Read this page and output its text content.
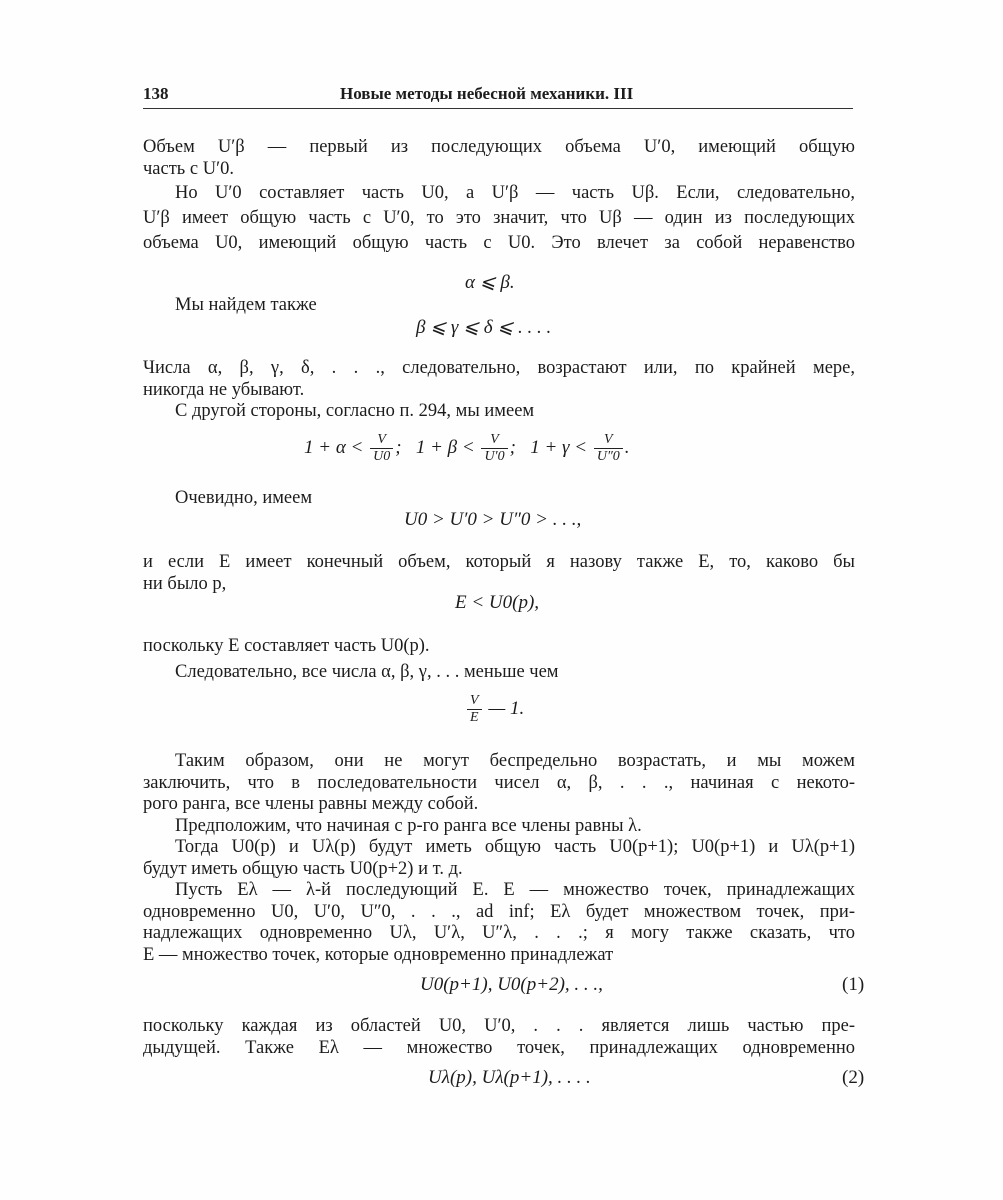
138	Новые методы небесной механики. III
Объем U′β — первый из последующих объема U′0, имеющий общую
часть с U′0.
Но U′0 составляет часть U0, а U′β — часть Uβ. Если, следовательно,
U′β имеет общую часть с U′0, то это значит, что Uβ — один из последующих
объема U0, имеющий общую часть с U0. Это влечет за собой неравенство
α ⩽ β.
Мы найдем также
β ⩽ γ ⩽ δ ⩽ . . . .
Числа α, β, γ, δ, . . ., следовательно, возрастают или, по крайней мере,
никогда не убывают.
С другой стороны, согласно п. 294, мы имеем
$1 + \alpha < \frac{V}{U0}$ ; $1 + \beta < \frac{V}{U'0}$ ; $1 + \gamma < \frac{V}{U''0}$ .
Очевидно, имеем
U0 > U′0 > U″0 > . . .,
и если E имеет конечный объем, который я назову также E, то, каково бы
ни было p,
E < U0(p),
поскольку E составляет часть U0(p).
Следовательно, все числа α, β, γ, . . . меньше чем
$\frac{V}{E}$ — 1.
Таким образом, они не могут беспредельно возрастать, и мы можем
заключить, что в последовательности чисел α, β, . . ., начиная с некото-
рого ранга, все члены равны между собой.
Предположим, что начиная с p-го ранга все члены равны λ.
Тогда U0(p) и Uλ(p) будут иметь общую часть U0(p+1); U0(p+1) и Uλ(p+1)
будут иметь общую часть U0(p+2) и т. д.
Пусть Eλ — λ-й последующий E. E — множество точек, принадлежащих
одновременно U0, U′0, U″0, . . ., ad inf; Eλ будет множеством точек, при-
надлежащих одновременно Uλ, U′λ, U″λ, . . .; я могу также сказать, что
E — множество точек, которые одновременно принадлежат
U0(p+1), U0(p+2), . . .,	(1)
поскольку каждая из областей U0, U′0, . . . является лишь частью пре-
дыдущей. Также Eλ — множество точек, принадлежащих одновременно
Uλ(p), Uλ(p+1), . . . .	(2)
